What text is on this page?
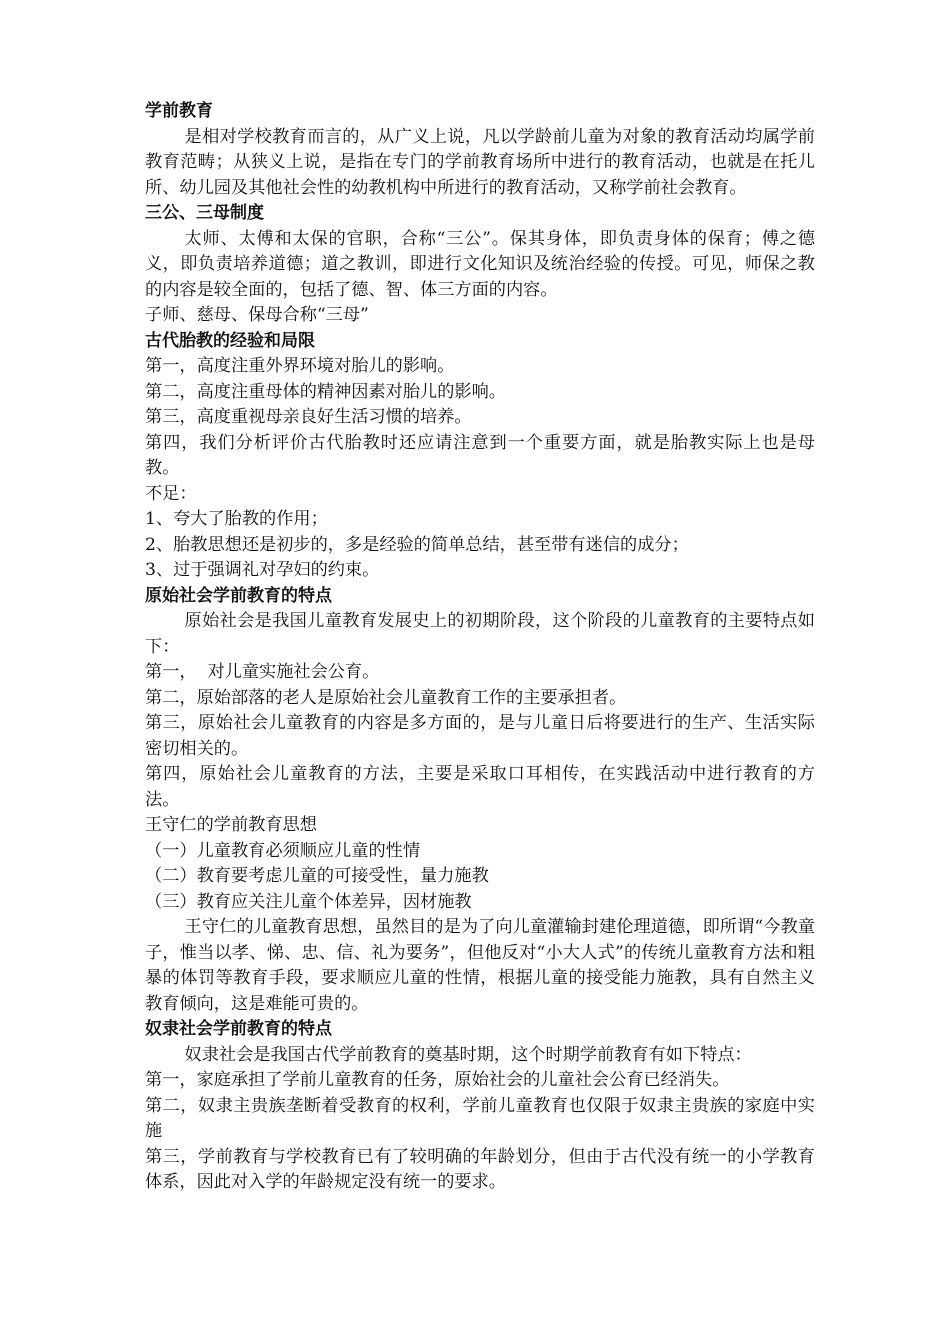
学前教育

是相对学校教育而言的，从广义上说，凡以学龄前儿童为对象的教育活动均属学前教育范畴；从狭义上说，是指在专门的学前教育场所中进行的教育活动，也就是在托儿所、幼儿园及其他社会性的幼教机构中所进行的教育活动，又称学前社会教育。

三公、三母制度

太师、太傅和太保的官职，合称“三公”。保其身体，即负责身体的保育；傅之德义，即负责培养道德；道之教训，即进行文化知识及统治经验的传授。可见，师保之教的内容是较全面的，包括了德、智、体三方面的内容。

子师、慈母、保母合称“三母”

古代胎教的经验和局限

第一，高度注重外界环境对胎儿的影响。

第二，高度注重母体的精神因素对胎儿的影响。

第三，高度重视母亲良好生活习惯的培养。

第四，我们分析评价古代胎教时还应请注意到一个重要方面，就是胎教实际上也是母教。

不足：

1、夸大了胎教的作用；

2、胎教思想还是初步的，多是经验的简单总结，甚至带有迷信的成分；

3、过于强调礼对孕妇的约束。

原始社会学前教育的特点

原始社会是我国儿童教育发展史上的初期阶段，这个阶段的儿童教育的主要特点如下：

第一，  对儿童实施社会公育。

第二，原始部落的老人是原始社会儿童教育工作的主要承担者。

第三，原始社会儿童教育的内容是多方面的，是与儿童日后将要进行的生产、生活实际密切相关的。

第四，原始社会儿童教育的方法，主要是采取口耳相传，在实践活动中进行教育的方法。

王守仁的学前教育思想

（一）儿童教育必须顺应儿童的性情

（二）教育要考虑儿童的可接受性，量力施教

（三）教育应关注儿童个体差异，因材施教

王守仁的儿童教育思想，虽然目的是为了向儿童灌输封建伦理道德，即所谓“今教童子，惟当以孝、悌、忠、信、礼为要务”，但他反对“小大人式”的传统儿童教育方法和粗暴的体罚等教育手段，要求顺应儿童的性情，根据儿童的接受能力施教，具有自然主义教育倾向，这是难能可贵的。

奴隶社会学前教育的特点

奴隶社会是我国古代学前教育的奠基时期，这个时期学前教育有如下特点：

第一，家庭承担了学前儿童教育的任务，原始社会的儿童社会公育已经消失。

第二，奴隶主贵族垄断着受教育的权利，学前儿童教育也仅限于奴隶主贵族的家庭中实施

第三，学前教育与学校教育已有了较明确的年龄划分，但由于古代没有统一的小学教育体系，因此对入学的年龄规定没有统一的要求。
